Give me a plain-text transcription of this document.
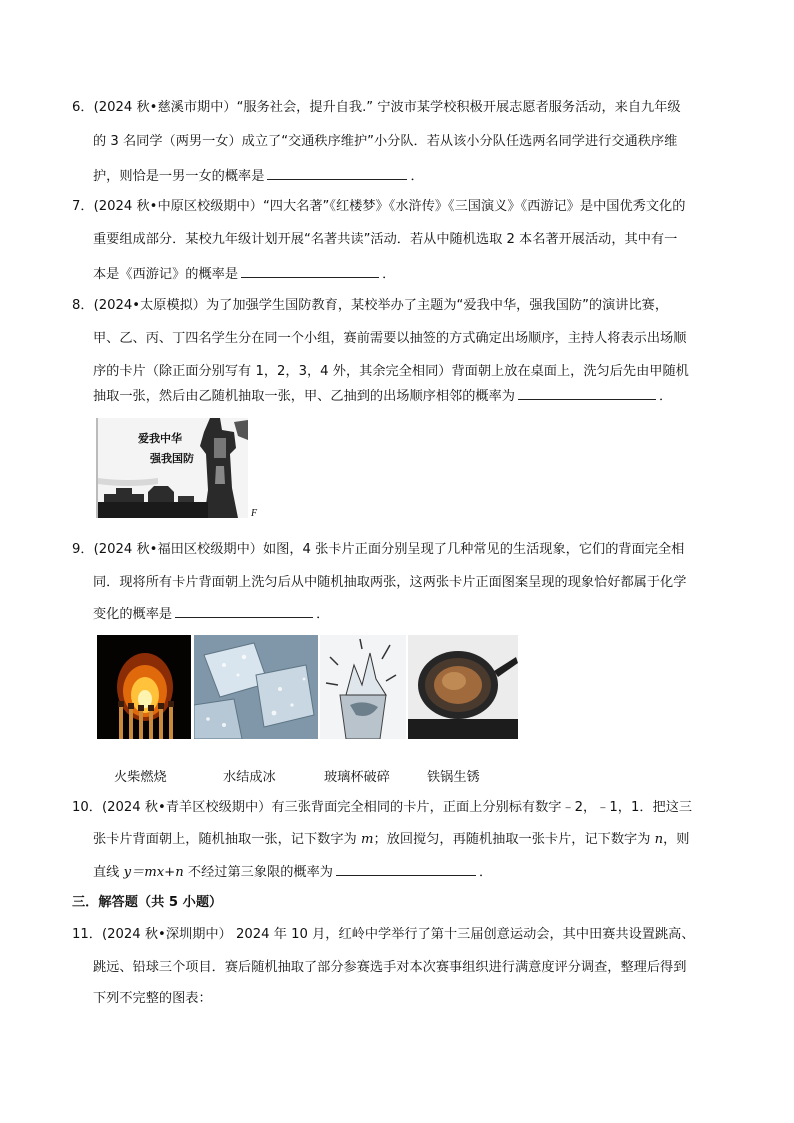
6．(2024 秋•慈溪市期中）“服务社会，提升自我.” 宁波市某学校积极开展志愿者服务活动，来自九年级
的 3 名同学（两男一女）成立了“交通秩序维护”小分队．若从该小分队任选两名同学进行交通秩序维
护，则恰是一男一女的概率是	．
7．(2024 秋•中原区校级期中）“四大名著”《红楼梦》《水浒传》《三国演义》《西游记》是中国优秀文化的
重要组成部分．某校九年级计划开展“名著共读”活动．若从中随机选取 2 本名著开展活动，其中有一
本是《西游记》的概率是	．
8．(2024•太原模拟）为了加强学生国防教育，某校举办了主题为“爱我中华，强我国防”的演讲比赛，
甲、乙、丙、丁四名学生分在同一个小组，赛前需要以抽签的方式确定出场顺序，主持人将表示出场顺
序的卡片（除正面分别写有 1，2，3，4 外，其余完全相同）背面朝上放在桌面上，洗匀后先由甲随机
抽取一张，然后由乙随机抽取一张，甲、乙抽到的出场顺序相邻的概率为	．
爱我中华
强我国防
F
9．(2024 秋•福田区校级期中）如图，4 张卡片正面分别呈现了几种常见的生活现象，它们的背面完全相
同．现将所有卡片背面朝上洗匀后从中随机抽取两张，这两张卡片正面图案呈现的现象恰好都属于化学
变化的概率是	．
火柴燃烧	水结成冰	玻璃杯破碎	铁锅生锈
10．(2024 秋•青羊区校级期中）有三张背面完全相同的卡片，正面上分别标有数字﹣2，﹣1，1．把这三
张卡片背面朝上，随机抽取一张，记下数字为 m；放回搅匀，再随机抽取一张卡片，记下数字为 n，则
直线 y＝mx+n 不经过第三象限的概率为	．
三．解答题（共 5 小题）
11．(2024 秋•深圳期中） 2024 年 10 月，红岭中学举行了第十三届创意运动会，其中田赛共设置跳高、
跳远、铅球三个项目．赛后随机抽取了部分参赛选手对本次赛事组织进行满意度评分调查，整理后得到
下列不完整的图表：
